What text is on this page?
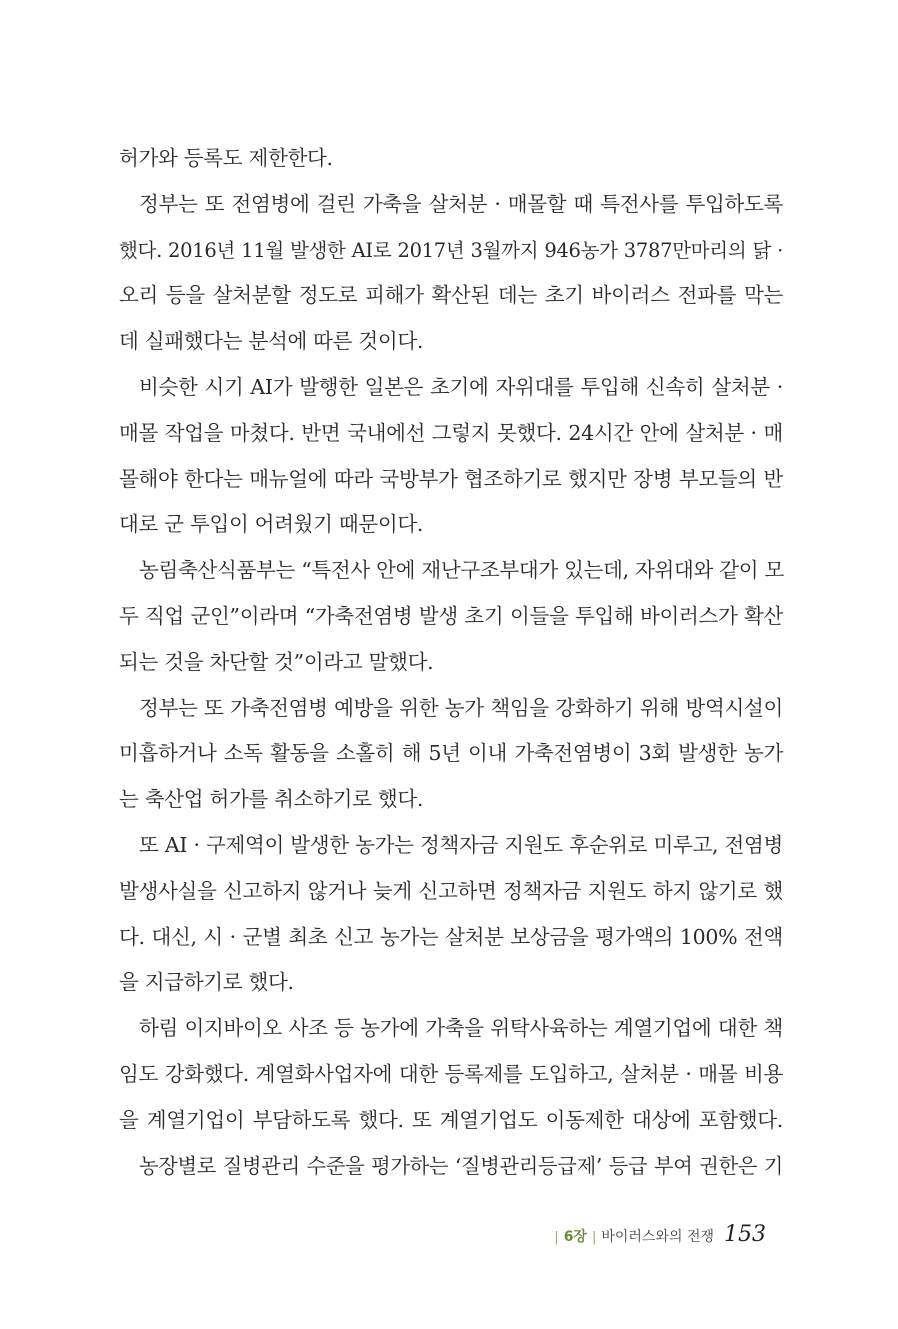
허가와 등록도 제한한다.
정부는 또 전염병에 걸린 가축을 살처분 · 매몰할 때 특전사를 투입하도록
했다. 2016년 11월 발생한 AI로 2017년 3월까지 946농가 3787만마리의 닭 ·
오리 등을 살처분할 정도로 피해가 확산된 데는 초기 바이러스 전파를 막는
데 실패했다는 분석에 따른 것이다.
비슷한 시기 AI가 발행한 일본은 초기에 자위대를 투입해 신속히 살처분 ·
매몰 작업을 마쳤다. 반면 국내에선 그렇지 못했다. 24시간 안에 살처분 · 매
몰해야 한다는 매뉴얼에 따라 국방부가 협조하기로 했지만 장병 부모들의 반
대로 군 투입이 어려웠기 때문이다.
농림축산식품부는 “특전사 안에 재난구조부대가 있는데, 자위대와 같이 모
두 직업 군인”이라며 “가축전염병 발생 초기 이들을 투입해 바이러스가 확산
되는 것을 차단할 것”이라고 말했다.
정부는 또 가축전염병 예방을 위한 농가 책임을 강화하기 위해 방역시설이
미흡하거나 소독 활동을 소홀히 해 5년 이내 가축전염병이 3회 발생한 농가
는 축산업 허가를 취소하기로 했다.
또 AI · 구제역이 발생한 농가는 정책자금 지원도 후순위로 미루고, 전염병
발생사실을 신고하지 않거나 늦게 신고하면 정책자금 지원도 하지 않기로 했
다. 대신, 시 · 군별 최초 신고 농가는 살처분 보상금을 평가액의 100% 전액
을 지급하기로 했다.
하림 이지바이오 사조 등 농가에 가축을 위탁사육하는 계열기업에 대한 책
임도 강화했다. 계열화사업자에 대한 등록제를 도입하고, 살처분 · 매몰 비용
을 계열기업이 부담하도록 했다. 또 계열기업도 이동제한 대상에 포함했다.
농장별로 질병관리 수준을 평가하는 ‘질병관리등급제’ 등급 부여 권한은 기
| 6장 | 바이러스와의 전쟁 153
